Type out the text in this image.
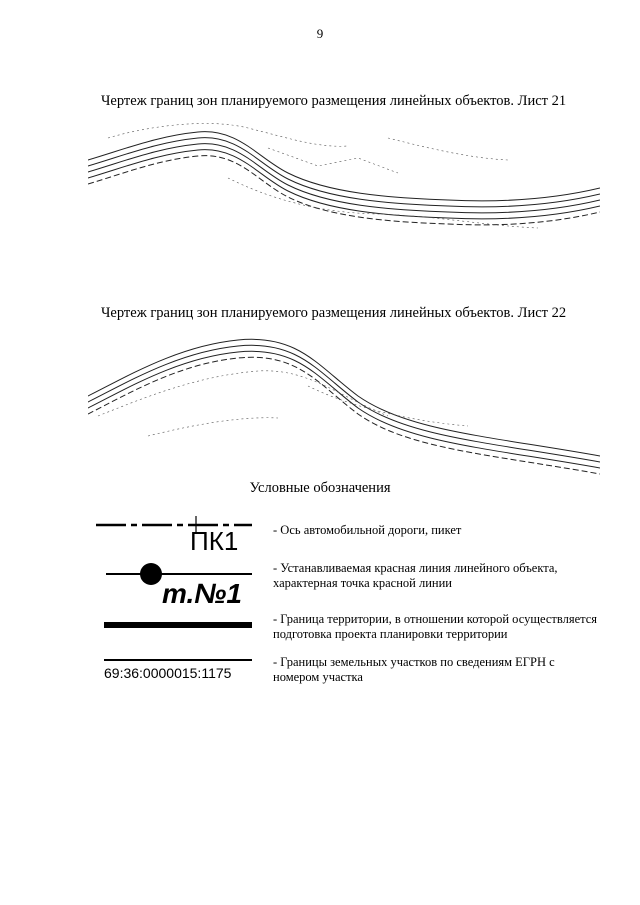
9
Чертеж границ зон планируемого размещения линейных объектов. Лист 21
Чертеж границ зон планируемого размещения линейных объектов. Лист 22
Условные обозначения
ПК1	- Ось автомобильной дороги, пикет
т.№1
- Устанавливаемая красная линия линейного объекта, характерная точка красной линии
- Граница территории, в отношении которой осуществляется подготовка проекта планировки территории
69:36:0000015:1175
- Границы земельных участков по сведениям ЕГРН с номером участка
